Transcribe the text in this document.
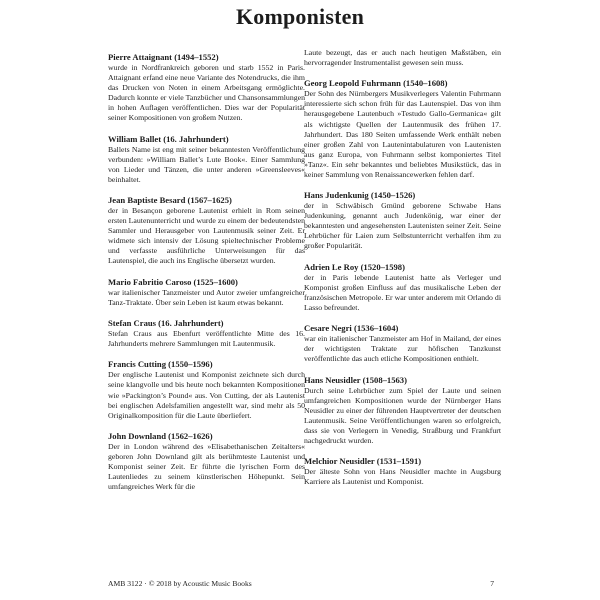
Komponisten
Pierre Attaignant (1494–1552)

wurde in Nordfrankreich geboren und starb 1552 in Paris. Attaignant erfand eine neue Variante des Notendrucks, die ihm das Drucken von Noten in einem Arbeitsgang ermöglichte. Dadurch konnte er viele Tanzbücher und Chansonsammlungen in hohen Auflagen veröffentlichen. Dies war der Popularität seiner Kompositionen von großem Nutzen.

William Ballet (16. Jahrhundert)

Ballets Name ist eng mit seiner bekanntesten Veröffentlichung verbunden: »William Ballet’s Lute Book«. Einer Sammlung von Lieder und Tänzen, die unter anderen »Greensleeves« beinhaltet.

Jean Baptiste Besard (1567–1625)

der in Besançon geborene Lautenist erhielt in Rom seinen ersten Lautenunterricht und wurde zu einem der bedeutendsten Sammler und Herausgeber von Lautenmusik seiner Zeit. Er widmete sich intensiv der Lösung spieltechnischer Probleme und verfasste ausführliche Unterweisungen für das Lautenspiel, die auch ins Englische übersetzt wurden.

Mario Fabritio Caroso (1525–1600)

war italienischer Tanzmeister und Autor zweier umfangreicher Tanz-Traktate. Über sein Leben ist kaum etwas bekannt.

Stefan Craus (16. Jahrhundert)

Stefan Craus aus Ebenfurt veröffentlichte Mitte des 16. Jahrhunderts mehrere Sammlungen mit Lautenmusik.

Francis Cutting (1550–1596)

Der englische Lautenist und Komponist zeichnete sich durch seine klangvolle und bis heute noch bekannten Kompositionen wie »Packington’s Pound« aus. Von Cutting, der als Lautenist bei englischen Adelsfamilien angestellt war, sind mehr als 50 Originalkomposition für die Laute überliefert.

John Downland (1562–1626)

Der in London während des »Elisabethanischen Zeitalters« geboren John Downland gilt als berühmteste Lautenist und Komponist seiner Zeit. Er führte die lyrischen Form des Lautenliedes zu seinem künstlerischen Höhepunkt. Sein umfangreiches Werk für die

Laute bezeugt, das er auch nach heutigen Maßstäben, ein hervorragender Instrumentalist gewesen sein muss.

Georg Leopold Fuhrmann (1540–1608)

Der Sohn des Nürnbergers Musikverlegers Valentin Fuhrmann interessierte sich schon früh für das Lautenspiel. Das von ihm herausgegebene Lautenbuch »Testudo Gallo-Germanica« gilt als wichtigste Quellen der Lautenmusik des frühen 17. Jahrhundert. Das 180 Seiten umfassende Werk enthält neben einer großen Zahl von Lautenintabulaturen von Lautenisten aus ganz Europa, von Fuhrmann selbst komponiertes Titel »Tanz«. Ein sehr bekanntes und beliebtes Musikstück, das in keiner Sammlung von Renaissancewerken fehlen darf.

Hans Judenkunig (1450–1526)

der in Schwäbisch Gmünd geborene Schwabe Hans Judenkuning, genannt auch Judenkönig, war einer der bekanntesten und angesehensten Lautenisten seiner Zeit. Seine Lehrbücher für Laien zum Selbstunterricht verhalfen ihm zu großer Popularität.

Adrien Le Roy (1520–1598)

der in Paris lebende Lautenist hatte als Verleger und Komponist großen Einfluss auf das musikalische Leben der französischen Metropole. Er war unter anderem mit Orlando di Lasso befreundet.

Cesare Negri (1536–1604)

war ein italienischer Tanzmeister am Hof in Mailand, der eines der wichtigsten Traktate zur höfischen Tanzkunst veröffentlichte das auch etliche Kompositionen enthielt.

Hans Neusidler (1508–1563)

Durch seine Lehrbücher zum Spiel der Laute und seinen umfangreichen Kompositionen wurde der Nürnberger Hans Neusidler zu einer der führenden Hauptvertreter der deutschen Lautenmusik. Seine Veröffentlichungen waren so erfolgreich, dass sie von Verlegern in Venedig, Straßburg und Frankfurt nachgedruckt wurden.

Melchior Neusidler (1531–1591)

Der älteste Sohn von Hans Neusidler machte in Augsburg Karriere als Lautenist und Komponist.

AMB 3122 · © 2018 by Acoustic Music Books	7
